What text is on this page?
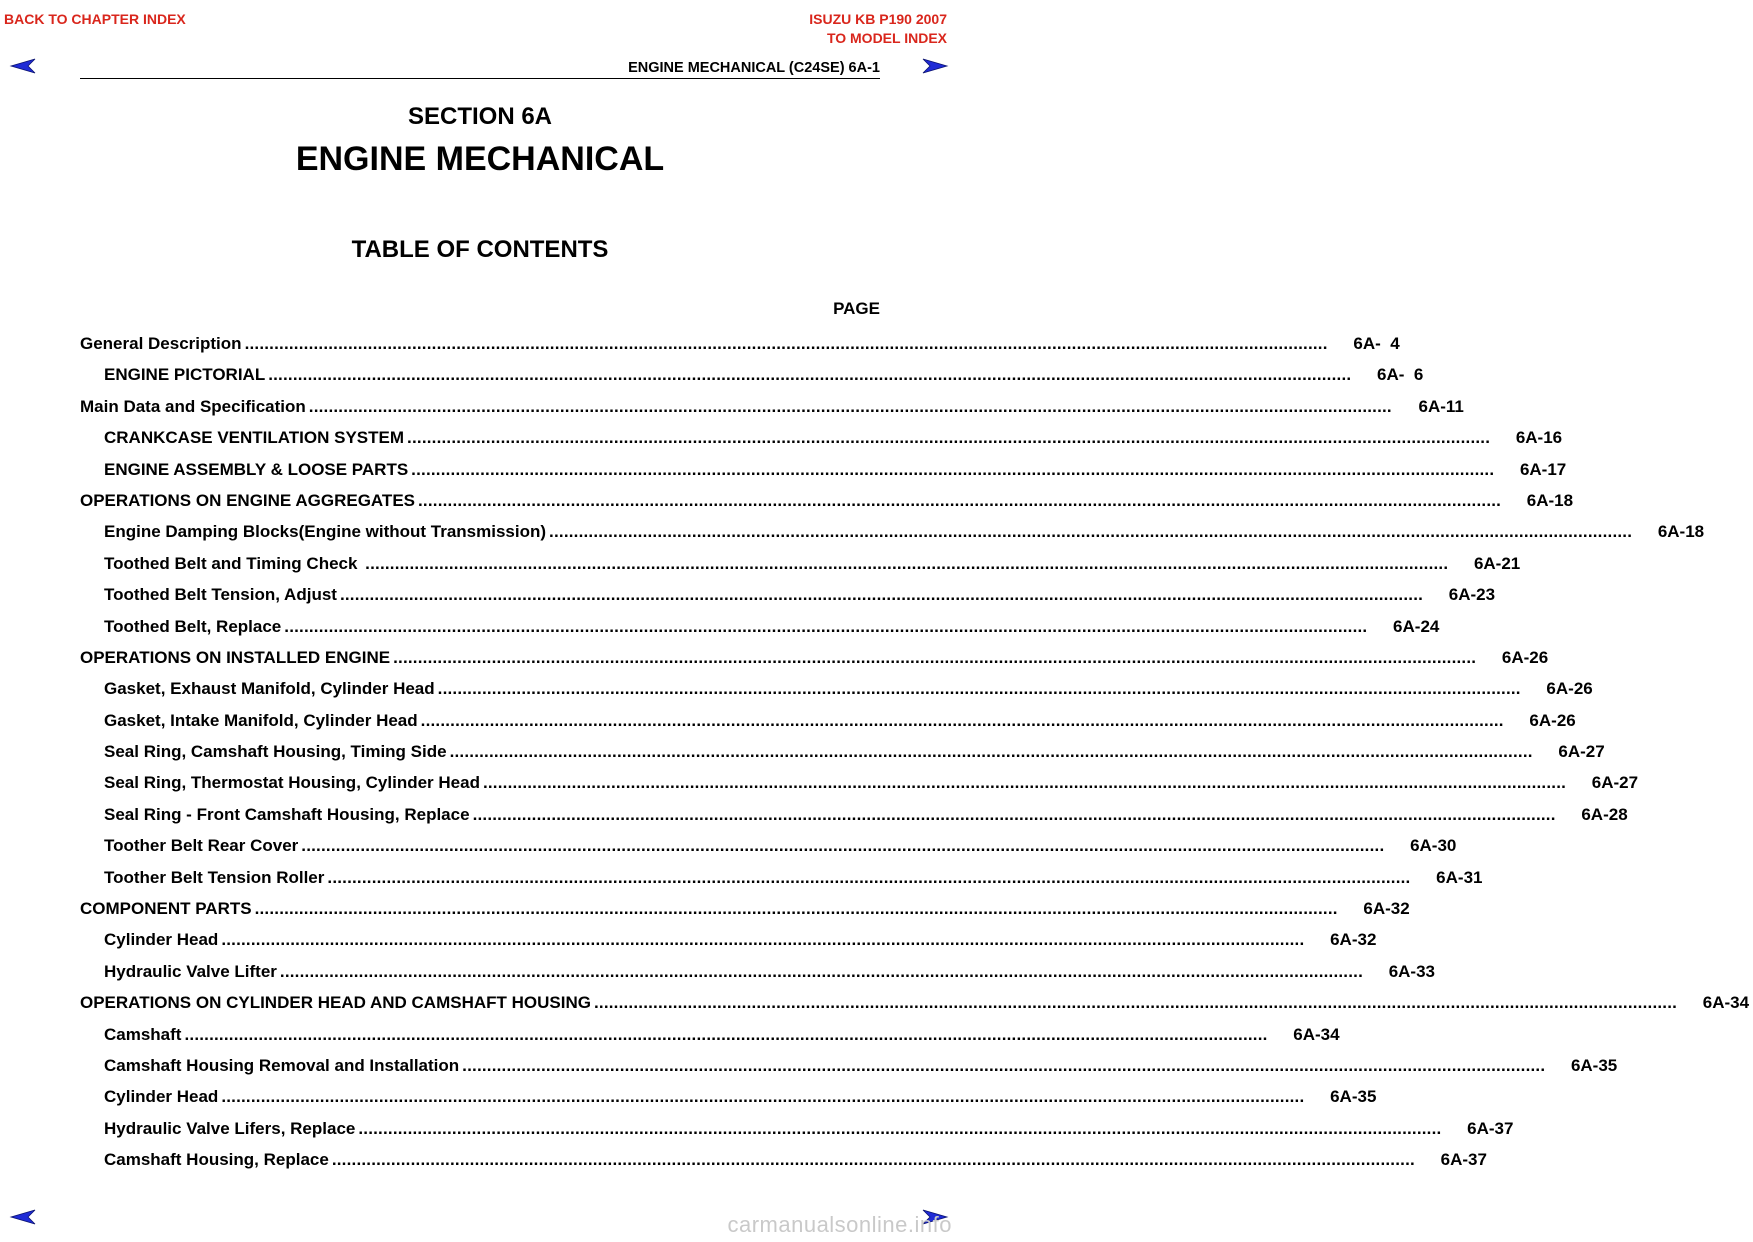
BACK TO CHAPTER INDEX	ISUZU KB P190 2007
TO MODEL INDEX
ENGINE MECHANICAL (C24SE) 6A-1
SECTION 6A
ENGINE MECHANICAL
TABLE OF CONTENTS
PAGE
General Description ............................................................................................................................................................................................................................	6A-  4
ENGINE PICTORIAL ............................................................................................................................................................................................................................	6A-  6
Main Data and Specification ............................................................................................................................................................................................................................	6A-11
CRANKCASE VENTILATION SYSTEM ............................................................................................................................................................................................................................	6A-16
ENGINE ASSEMBLY & LOOSE PARTS ............................................................................................................................................................................................................................	6A-17
OPERATIONS ON ENGINE AGGREGATES ............................................................................................................................................................................................................................	6A-18
Engine Damping Blocks(Engine without Transmission) ............................................................................................................................................................................................................................	6A-18
Toothed Belt and Timing Check ............................................................................................................................................................................................................................	6A-21
Toothed Belt Tension, Adjust ............................................................................................................................................................................................................................	6A-23
Toothed Belt, Replace ............................................................................................................................................................................................................................	6A-24
OPERATIONS ON INSTALLED ENGINE ............................................................................................................................................................................................................................	6A-26
Gasket, Exhaust Manifold, Cylinder Head ............................................................................................................................................................................................................................	6A-26
Gasket, Intake Manifold, Cylinder Head ............................................................................................................................................................................................................................	6A-26
Seal Ring, Camshaft Housing, Timing Side ............................................................................................................................................................................................................................	6A-27
Seal Ring, Thermostat Housing, Cylinder Head ............................................................................................................................................................................................................................	6A-27
Seal Ring - Front Camshaft Housing, Replace ............................................................................................................................................................................................................................	6A-28
Toother Belt Rear Cover ............................................................................................................................................................................................................................	6A-30
Toother Belt Tension Roller ............................................................................................................................................................................................................................	6A-31
COMPONENT PARTS ............................................................................................................................................................................................................................	6A-32
Cylinder Head ............................................................................................................................................................................................................................	6A-32
Hydraulic Valve Lifter ............................................................................................................................................................................................................................	6A-33
OPERATIONS ON CYLINDER HEAD AND CAMSHAFT HOUSING ............................................................................................................................................................................................................................	6A-34
Camshaft ............................................................................................................................................................................................................................	6A-34
Camshaft Housing Removal and Installation ............................................................................................................................................................................................................................	6A-35
Cylinder Head ............................................................................................................................................................................................................................	6A-35
Hydraulic Valve Lifers, Replace ............................................................................................................................................................................................................................	6A-37
Camshaft Housing, Replace ............................................................................................................................................................................................................................	6A-37
carmanualsonline.info
